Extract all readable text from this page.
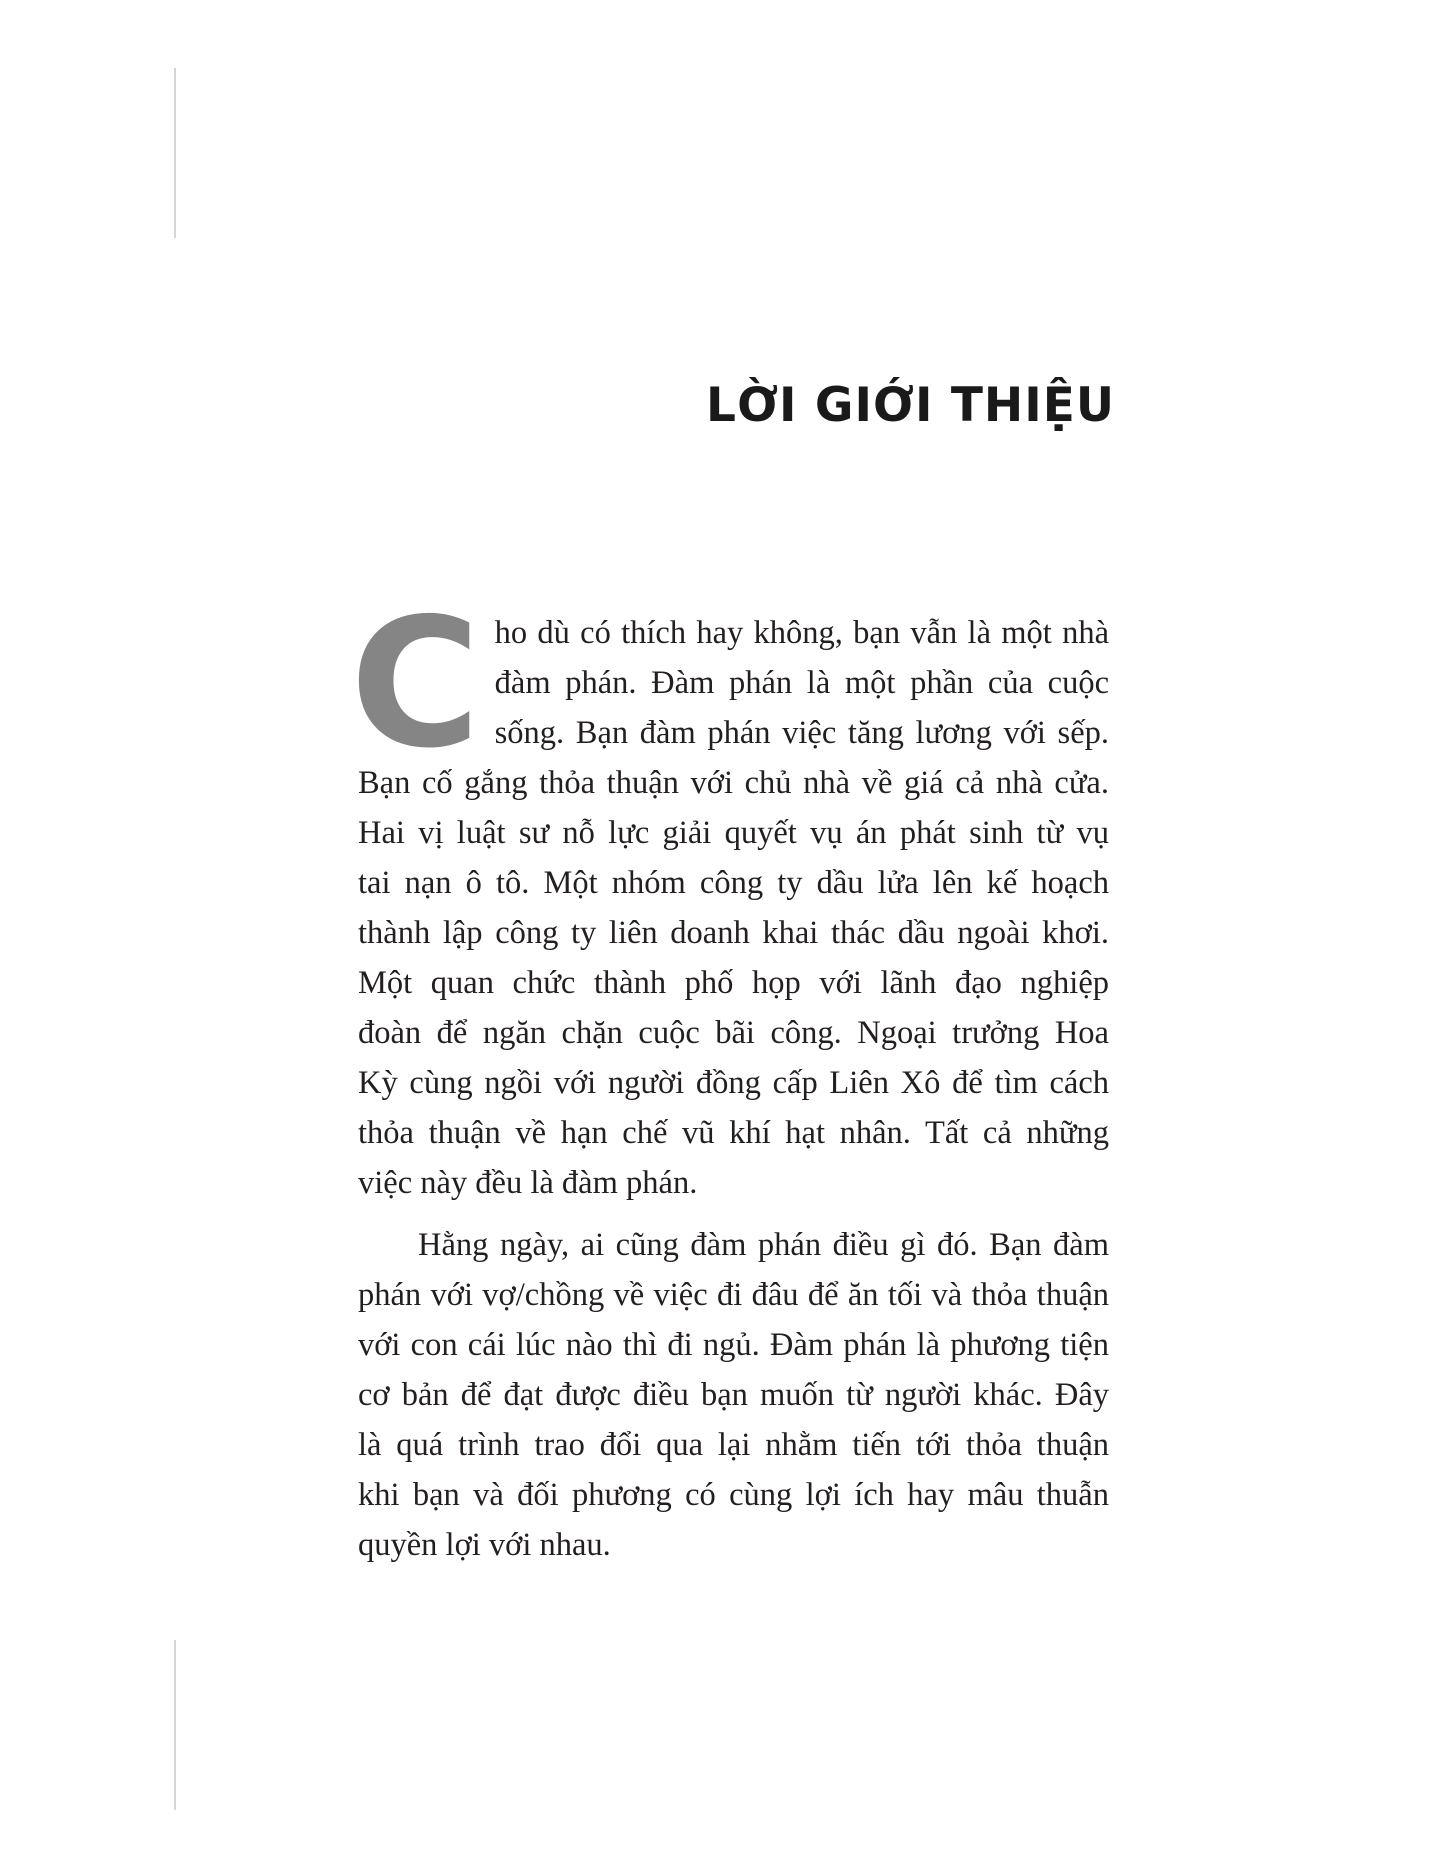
LỜI GIỚI THIỆU
C ho dù có thích hay không, bạn vẫn là một nhà
đàm phán. Đàm phán là một phần của cuộc
sống. Bạn đàm phán việc tăng lương với sếp.
Bạn cố gắng thỏa thuận với chủ nhà về giá cả nhà cửa.
Hai vị luật sư nỗ lực giải quyết vụ án phát sinh từ vụ
tai nạn ô tô. Một nhóm công ty dầu lửa lên kế hoạch
thành lập công ty liên doanh khai thác dầu ngoài khơi.
Một quan chức thành phố họp với lãnh đạo nghiệp
đoàn để ngăn chặn cuộc bãi công. Ngoại trưởng Hoa
Kỳ cùng ngồi với người đồng cấp Liên Xô để tìm cách
thỏa thuận về hạn chế vũ khí hạt nhân. Tất cả những
việc này đều là đàm phán.
Hằng ngày, ai cũng đàm phán điều gì đó. Bạn đàm
phán với vợ/chồng về việc đi đâu để ăn tối và thỏa thuận
với con cái lúc nào thì đi ngủ. Đàm phán là phương tiện
cơ bản để đạt được điều bạn muốn từ người khác. Đây
là quá trình trao đổi qua lại nhằm tiến tới thỏa thuận
khi bạn và đối phương có cùng lợi ích hay mâu thuẫn
quyền lợi với nhau.
